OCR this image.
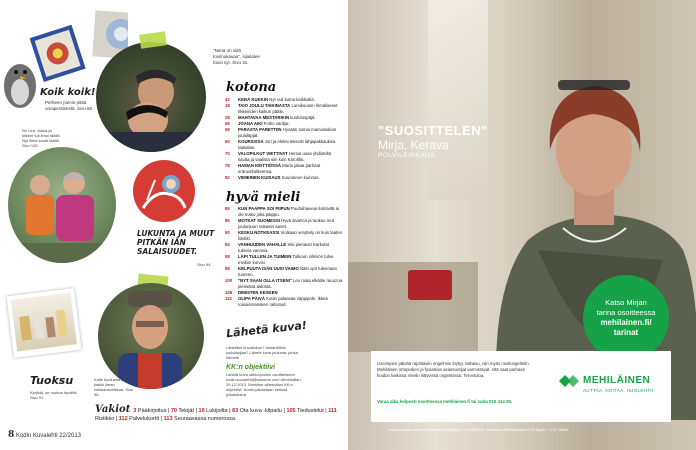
Koik koik!
Perheen pienin pitää omaperäisestä. Sivu 66.
"Nenä on siitä tosimukavaa", sijaitalee Kaisi syr. Sivu 31.
Se Lea, Jukka ja kilkker tuli ilmoi täällä. Nyt ilmoi soodi täällä. Sivu 130.
LUKUNTA JA MUUT PITKÄN IÄN SALAISUUDET.
Sivu 94.
Tuoksu
Kyrjikiä, se ruokua hyvältä. Sivu 91.
Kalle kuuluelta olisi kaikki ilman veikkausveikkaa. Sivu 96.
Lähetä kuva!
Lähetitkö kuvailukon? #okartelkilo joululäpijaa? Lähetä kuva joulusta, jonka toimetti
KK:n objektiivi
Lähetä kuva sähköpostiin osoitteeseen kodin.kuvalehti@sanoma.com viimeistään 29.12.2013. Merkitse aiheriviiksi KK:n objektiivi. Kuvia julkaistaan netissä julkaistuina.
kotona
42	KERÄ KUKKIN Nyt vuli kotoa kaikkialla.
18	TAIO JOULU TAIKINASTA Lumikuusen himaliseset rikkeinden kaikun pääle.
28	MAHTAVAA MESTARIKIN kuulutuspäjä.
66	JOANA AIKI Forko varitjar.
68	PARASTA PARETTIIN Hyvään toimia mainoslukion joululäpjat.
60	KOURSISSA Jori ja Aleksi tekevät lahjapakkauksia taasalan.
70	VALOPILKUT VIETTIVAT Hemia uusa yhdistellä saulta ja vaalista siin kuin Karolilla.
78	HAMAN KEITTIÖSSÄ Maria jakaa parhaat eräruotkuitteensa.
92	VIIMEINEN KUISAUS Kuurokeen kuinnas.
hyvä mieli
85	KUN PAAPPA SOI PIIPUN Puuhahaiveai iloitsivitä ai ole mako joka päippu.
86	MOTKAT SUOMESSI Hyvä aivanca ja tuokuu mut joulunjuun ratsaset aavet.
90	KESKU NOTKEASSI Violkaan veryttely on kuin laaten lokikki.
94	VANHUUDEN VAHALLE Kiki pienaus! Karkulat tuilevia vanosia.
98	LÄPI TULLEN JA TUIMEIN Tulkoon silmiiön tulve, meikiin korvisi.
99	KELPUUTA ISÄN UUSI VAIMO Näin opit tuleenaan tuoreen.
100	"NYT SAAN OLLA ITSENI" Leo miaa elkäitie rauozoa piensänä aidosta.
106	DIMISTEN KESKEN
112	OLIPA PÄIVÄ Kotiin palaavaa väppipole. Ikkea roinaismarioken raitsinuit.
Vakiot 3 Pääkirjoitus | 70 Tekijät | 10 Lukijoilta | 63 Ota kuva -kilpailu | 105 Tiedustelut | 111 Ristikko | 112 Palvelukortti | 113 Seuraavassa numerossa
8 Kodin Kuvalehti 22/2013
"SUOSITTELEN"
Mirja, Kerava
POLVILEIKKAUS
Katso Mirjan
tarina osoitteessa
mehilainen.fi/
tarinat
Useimpien päivää rajoittaviin ongelmiin löytyy ratkaisu, niin myös nivelongelmiin. Mehiläisen ortopedien ja fysiatrian asiantuntijat varmistavat, että saat parhaan hoidon kaikissa nivelin liittyvissä ongelmissa. Tervetuloa.
Varaa aika helposti osoitteessa mehilainen.fi tai soita 010 414 00.
MEHILÄINEN
AUTTAA. HOITAA. HUOLEHTII.
Soitto lankaan verkon liittymästä 0,08 €/puh. + 0,08 €/min. Matkapuhelinliittymästä 0,08 €/puh. + 0,17 €/min.
